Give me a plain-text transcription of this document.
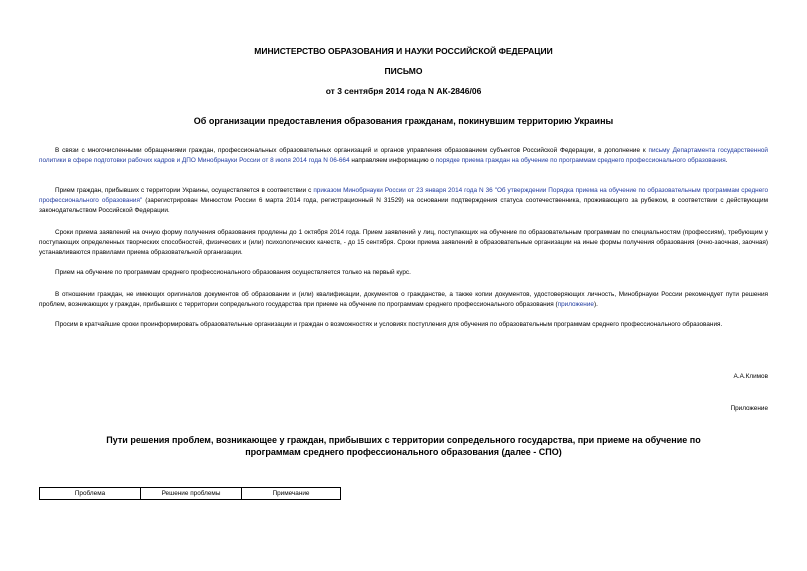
МИНИСТЕРСТВО ОБРАЗОВАНИЯ И НАУКИ РОССИЙСКОЙ ФЕДЕРАЦИИ

ПИСЬМО

от 3 сентября 2014 года N АК-2846/06

Об организации предоставления образования гражданам, покинувшим территорию Украины

В связи с многочисленными обращениями граждан, профессиональных образовательных организаций и органов управления образованием субъектов Российской Федерации, в дополнение к письму Департамента государственной политики в сфере подготовки рабочих кадров и ДПО Минобрнауки России от 8 июля 2014 года N 06-664 направляем информацию о порядке приема граждан на обучение по программам среднего профессионального образования.

Прием граждан, прибывших с территории Украины, осуществляется в соответствии с приказом Минобрнауки России от 23 января 2014 года N 36 "Об утверждении Порядка приема на обучение по образовательным программам среднего профессионального образования" (зарегистрирован Минюстом России 6 марта 2014 года, регистрационный N 31529) на основании подтверждения статуса соотечественника, проживающего за рубежом, в соответствии с действующим законодательством Российской Федерации.

Сроки приема заявлений на очную форму получения образования продлены до 1 октября 2014 года. Прием заявлений у лиц, поступающих на обучение по образовательным программам по специальностям (профессиям), требующим у поступающих определенных творческих способностей, физических и (или) психологических качеств, - до 15 сентября. Сроки приема заявлений в образовательные организации на иные формы получения образования (очно-заочная, заочная) устанавливаются правилами приема образовательной организации.

Прием на обучение по программам среднего профессионального образования осуществляется только на первый курс.

В отношении граждан, не имеющих оригиналов документов об образовании и (или) квалификации, документов о гражданстве, а также копии документов, удостоверяющих личность, Минобрнауки России рекомендует пути решения проблем, возникающих у граждан, прибывших с территории сопредельного государства при приеме на обучение по программам среднего профессионального образования (приложение).

Просим в кратчайшие сроки проинформировать образовательные организации и граждан о возможностях и условиях поступления для обучения по образовательным программам среднего профессионального образования.

А.А.Климов

Приложение

Пути решения проблем, возникающее у граждан, прибывших с территории сопредельного государства, при приеме на обучение по программам среднего профессионального образования (далее - СПО)

Проблема	Решение проблемы	Примечание
